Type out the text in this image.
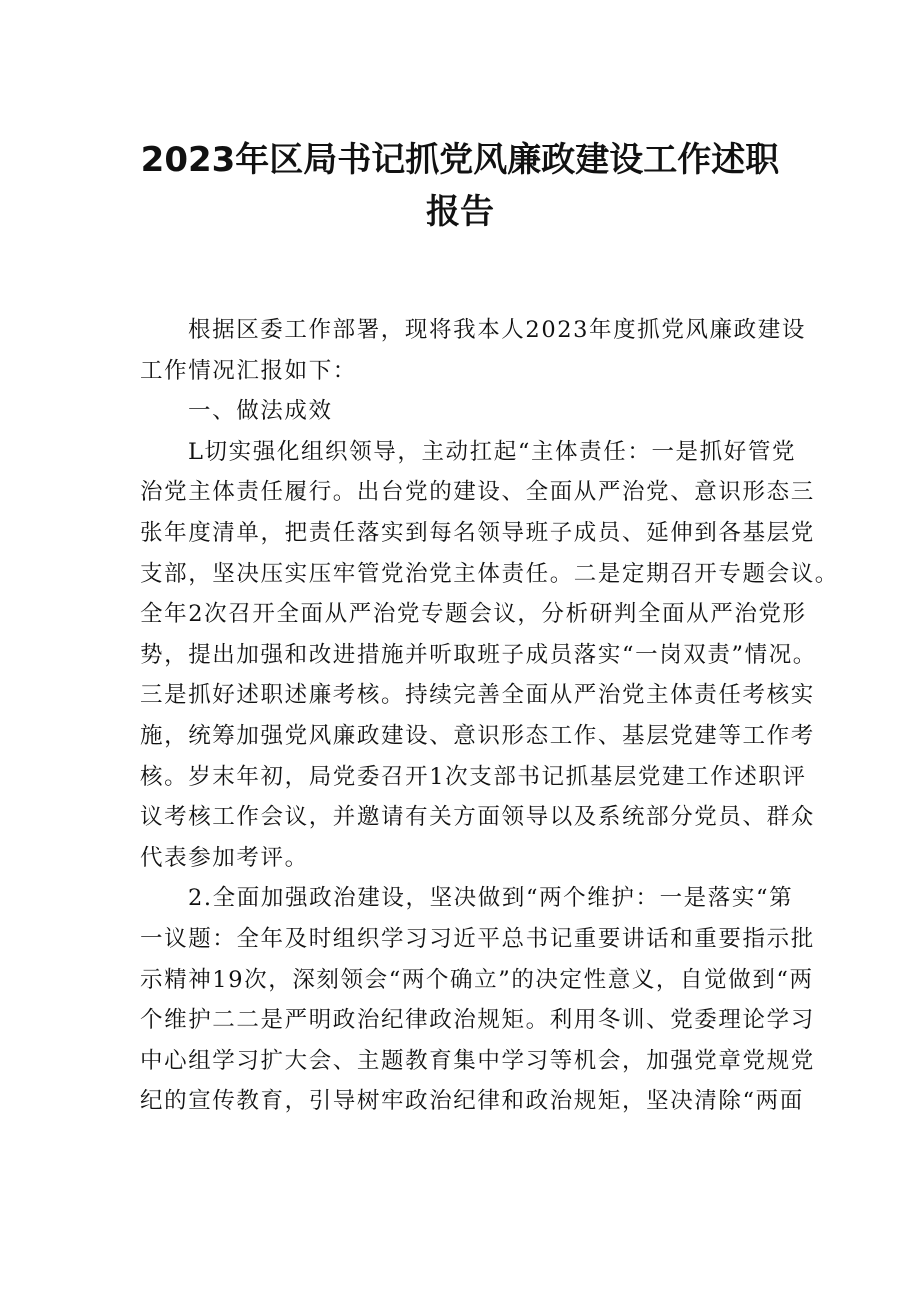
2023年区局书记抓党风廉政建设工作述职
报告
根据区委工作部署，现将我本人2023年度抓党风廉政建设
工作情况汇报如下：
一、做法成效
L切实强化组织领导，主动扛起“主体责任：一是抓好管党
治党主体责任履行。出台党的建设、全面从严治党、意识形态三
张年度清单，把责任落实到每名领导班子成员、延伸到各基层党
支部，坚决压实压牢管党治党主体责任。二是定期召开专题会议。
全年2次召开全面从严治党专题会议，分析研判全面从严治党形
势，提出加强和改进措施并听取班子成员落实“一岗双责”情况。
三是抓好述职述廉考核。持续完善全面从严治党主体责任考核实
施，统筹加强党风廉政建设、意识形态工作、基层党建等工作考
核。岁末年初，局党委召开1次支部书记抓基层党建工作述职评
议考核工作会议，并邀请有关方面领导以及系统部分党员、群众
代表参加考评。
2.全面加强政治建设，坚决做到“两个维护：一是落实“第
一议题：全年及时组织学习习近平总书记重要讲话和重要指示批
示精神19次，深刻领会“两个确立”的决定性意义，自觉做到“两
个维护二二是严明政治纪律政治规矩。利用冬训、党委理论学习
中心组学习扩大会、主题教育集中学习等机会，加强党章党规党
纪的宣传教育，引导树牢政治纪律和政治规矩，坚决清除“两面
